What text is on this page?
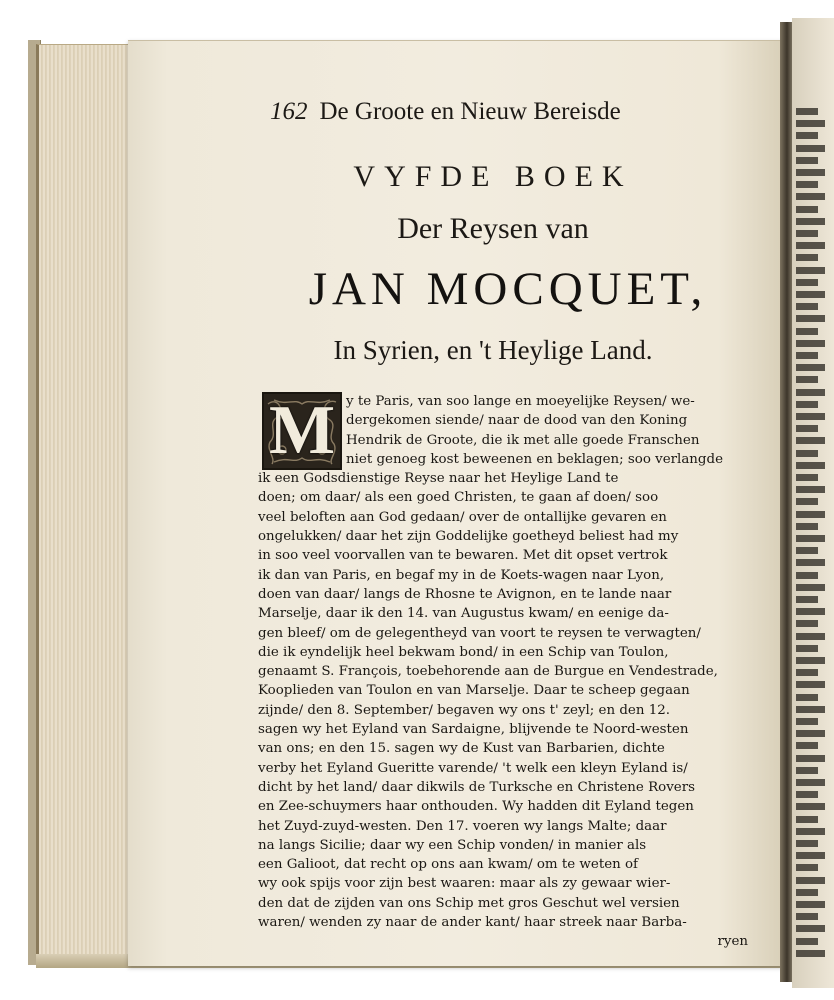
162 De Groote en Nieuw Bereisde
VYFDE BOEK
Der Reysen van
JAN MOCQUET,
In Syrien, en 't Heylige Land.
y te Paris, van soo lange en moeyelijke Reysen/ we-
dergekomen siende/ naar de dood van den Koning
Hendrik de Groote, die ik met alle goede Franschen
niet genoeg kost beweenen en beklagen; soo verlangde
ik een Godsdienstige Reyse naar het Heylige Land te
doen; om daar/ als een goed Christen, te gaan af doen/ soo
veel beloften aan God gedaan/ over de ontallijke gevaren en
ongelukken/ daar het zijn Goddelijke goetheyd beliest had my
in soo veel voorvallen van te bewaren. Met dit opset vertrok
ik dan van Paris, en begaf my in de Koets-wagen naar Lyon,
doen van daar/ langs de Rhosne te Avignon, en te lande naar
Marselje, daar ik den 14. van Augustus kwam/ en eenige da-
gen bleef/ om de gelegentheyd van voort te reysen te verwagten/
die ik eyndelijk heel bekwam bond/ in een Schip van Toulon,
genaamt S. François, toebehorende aan de Burgue en Vendestrade,
Kooplieden van Toulon en van Marselje. Daar te scheep gegaan
zijnde/ den 8. September/ begaven wy ons t' zeyl; en den 12.
sagen wy het Eyland van Sardaigne, blijvende te Noord-westen
van ons; en den 15. sagen wy de Kust van Barbarien, dichte
verby het Eyland Gueritte varende/ 't welk een kleyn Eyland is/
dicht by het land/ daar dikwils de Turksche en Christene Rovers
en Zee-schuymers haar onthouden. Wy hadden dit Eyland tegen
het Zuyd-zuyd-westen. Den 17. voeren wy langs Malte; daar
na langs Sicilie; daar wy een Schip vonden/ in manier als
een Galioot, dat recht op ons aan kwam/ om te weten of
wy ook spijs voor zijn best waaren: maar als zy gewaar wier-
den dat de zijden van ons Schip met gros Geschut wel versien
waren/ wenden zy naar de ander kant/ haar streek naar Barba-
ryen
M
